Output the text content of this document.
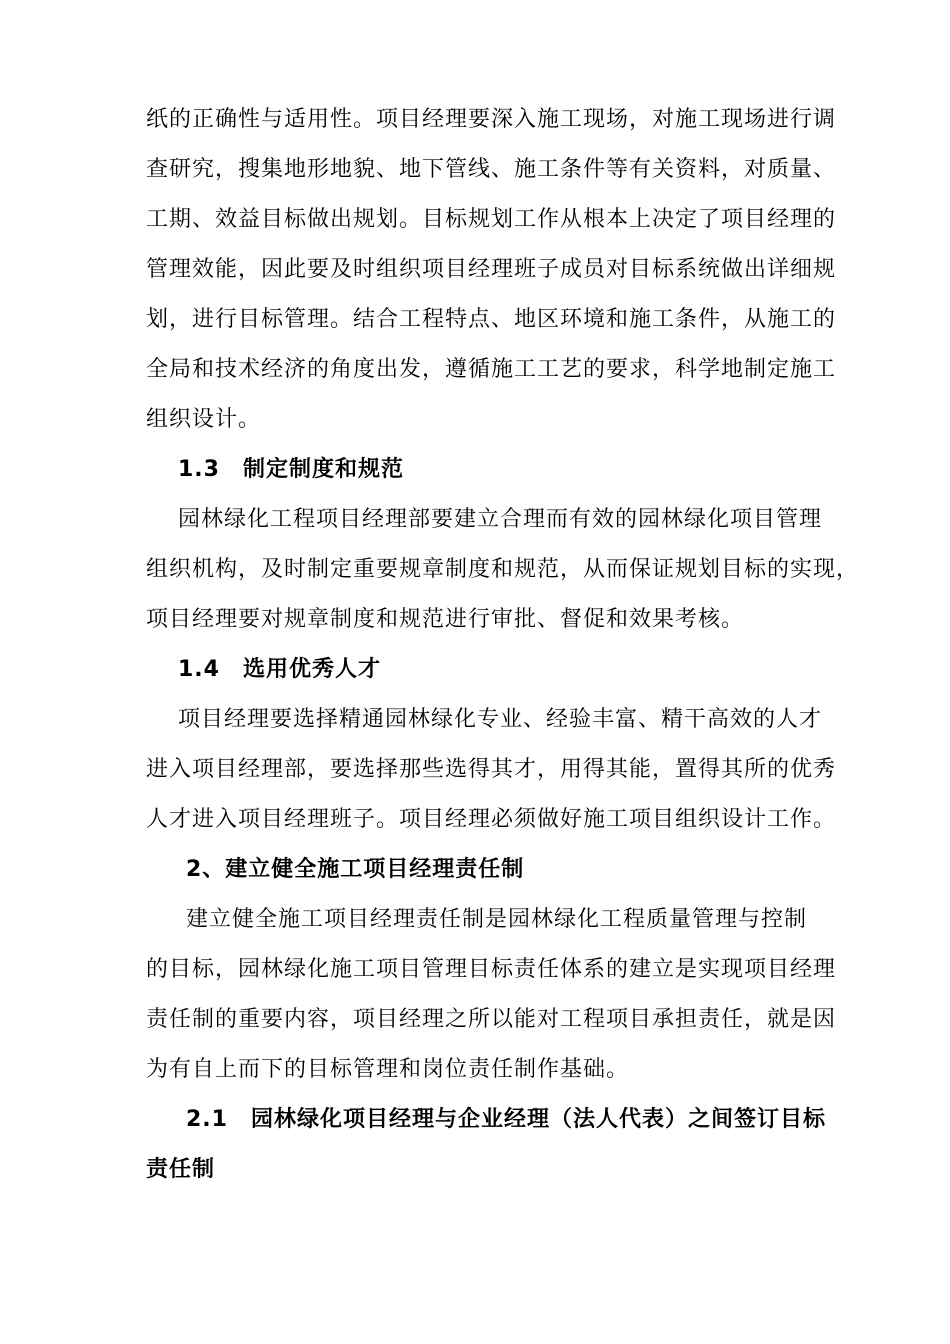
纸的正确性与适用性。项目经理要深入施工现场，对施工现场进行调
查研究，搜集地形地貌、地下管线、施工条件等有关资料，对质量、
工期、效益目标做出规划。目标规划工作从根本上决定了项目经理的
管理效能，因此要及时组织项目经理班子成员对目标系统做出详细规
划，进行目标管理。结合工程特点、地区环境和施工条件，从施工的
全局和技术经济的角度出发，遵循施工工艺的要求，科学地制定施工
组织设计。
1.3　制定制度和规范
园林绿化工程项目经理部要建立合理而有效的园林绿化项目管理
组织机构，及时制定重要规章制度和规范，从而保证规划目标的实现，
项目经理要对规章制度和规范进行审批、督促和效果考核。
1.4　选用优秀人才
项目经理要选择精通园林绿化专业、经验丰富、精干高效的人才
进入项目经理部，要选择那些选得其才，用得其能，置得其所的优秀
人才进入项目经理班子。项目经理必须做好施工项目组织设计工作。
2、建立健全施工项目经理责任制
建立健全施工项目经理责任制是园林绿化工程质量管理与控制
的目标，园林绿化施工项目管理目标责任体系的建立是实现项目经理
责任制的重要内容，项目经理之所以能对工程项目承担责任，就是因
为有自上而下的目标管理和岗位责任制作基础。
2.1　园林绿化项目经理与企业经理（法人代表）之间签订目标
责任制
